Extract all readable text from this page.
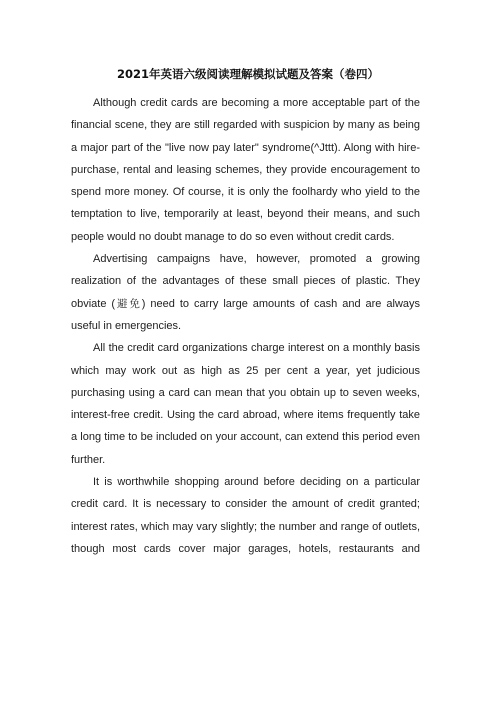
2021年英语六级阅读理解模拟试题及答案（卷四）

Although credit cards are becoming a more acceptable part of the financial scene, they are still regarded with suspicion by many as being a major part of the "live now pay later" syndrome(^Jttt). Along with hire-purchase, rental and leasing schemes, they provide encouragement to spend more money. Of course, it is only the foolhardy who yield to the temptation to live, temporarily at least, beyond their means, and such people would no doubt manage to do so even without credit cards.

Advertising campaigns have, however, promoted a growing realization of the advantages of these small pieces of plastic. They obviate (避免) need to carry large amounts of cash and are always useful in emergencies.

All the credit card organizations charge interest on a monthly basis which may work out as high as 25 per cent a year, yet judicious purchasing using a card can mean that you obtain up to seven weeks, interest-free credit. Using the card abroad, where items frequently take a long time to be included on your account, can extend this period even further.

It is worthwhile shopping around before deciding on a particular credit card. It is necessary to consider the amount of credit granted; interest rates, which may vary slightly; the number and range of outlets, though most cards cover major garages, hotels, restaurants and
